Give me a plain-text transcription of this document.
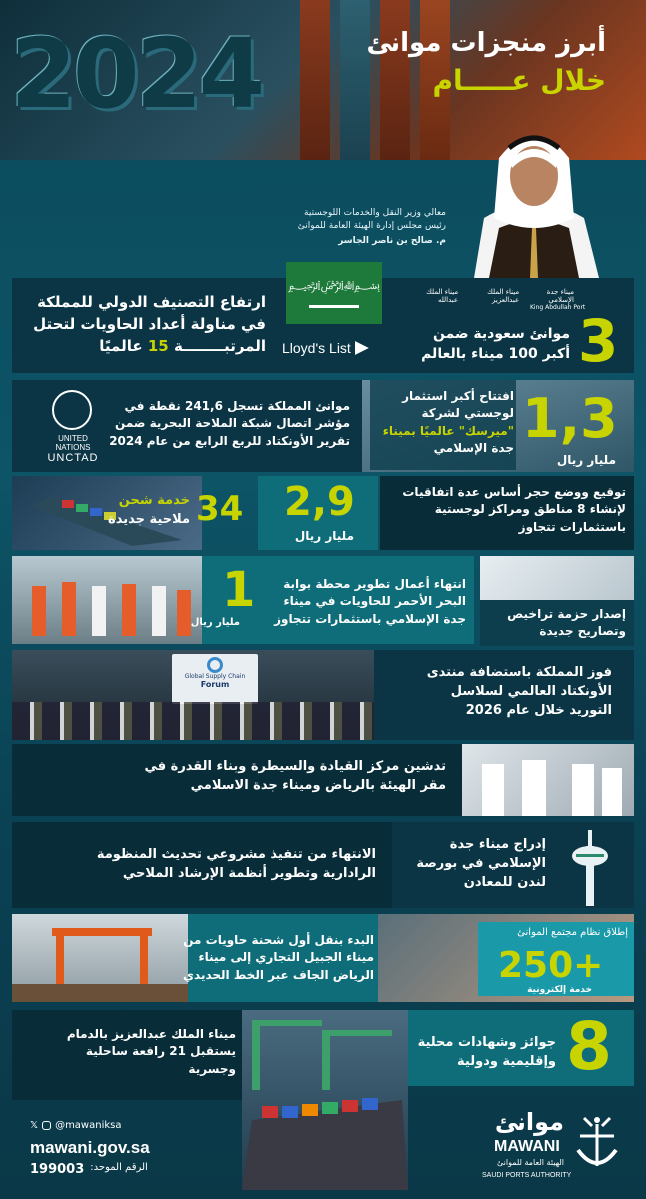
2024	أبرز منجزات موانئ
خلال عـــــام
معالي وزير النقل والخدمات اللوجستية
رئيس مجلس إدارة الهيئة العامة للموانئ
م. صالح بن ناصر الجاسر
ارتفاع التصنيف الدولي للمملكة
في مناولة أعداد الحاويات لتحتل
المرتبــــــــة 15 عالميًا
﷽
Lloyd's List
ميناء جدة الإسلامي
ميناء الملك عبدالعزيز
ميناء الملك عبدالله
King Abdullah Port
3
موانئ سعودية ضمن
أكبر 100 ميناء بالعالم
UNITED NATIONS
UNCTAD
موانئ المملكة تسجل 241,6 نقطة في
مؤشر اتصال شبكة الملاحة البحرية ضمن
تقرير الأونكتاد للربع الرابع من عام 2024
افتتاح أكبر استثمار
لوجستي لشركة
"ميرسك" عالميًا بميناء
جدة الإسلامي 1,3
مليار ريال
34
خدمة شحن
ملاحية جديدة 2,9
مليار ريال
توقيع ووضع حجر أساس عدة اتفاقيات
لإنشاء 8 مناطق ومراكز لوجستية
باستثمارات تتجاوز
1
مليار ريال
انتهاء أعمال تطوير محطة بوابة
البحر الأحمر للحاويات في ميناء
جدة الإسلامي باستثمارات تتجاوز	إصدار حزمة تراخيص
وتصاريح جديدة
Global Supply Chain
Forum
فوز المملكة باستضافة منتدى
الأونكتاد العالمي لسلاسل
التوريد خلال عام 2026
تدشين مركز القيادة والسيطرة وبناء القدرة في
مقر الهيئة بالرياض وميناء جدة الاسلامي
الانتهاء من تنفيذ مشروعي تحديث المنظومة
الرادارية وتطوير أنظمة الإرشاد الملاحي
إدراج ميناء جدة
الإسلامي في بورصة
لندن للمعادن
البدء بنقل أول شحنة حاويات من
ميناء الجبيل التجاري إلى ميناء
الرياض الجاف عبر الخط الحديدي
إطلاق نظام مجتمع الموانئ
250+
خدمة إلكترونية
ميناء الملك عبدالعزيز بالدمام
يستقبل 21 رافعة ساحلية
وجسرية	8
جوائز وشهادات محلية
وإقليمية ودولية
𝕏 @mawaniksa
mawani.gov.sa
الرقم الموحد:
199003
موانئ
MAWANI
الهيئة العامة للموانئ
SAUDI PORTS AUTHORITY
